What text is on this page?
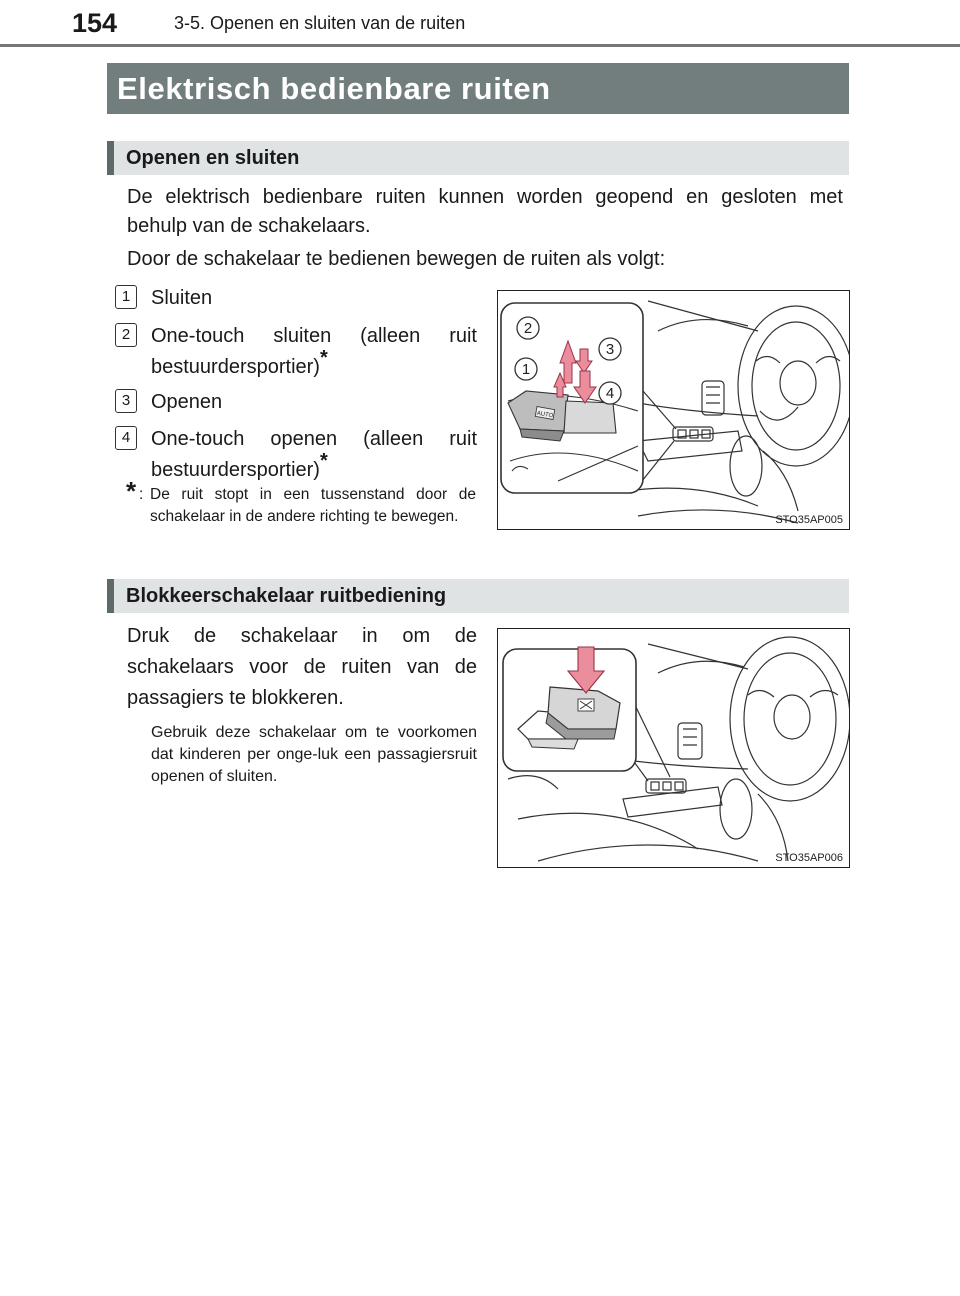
154	3-5. Openen en sluiten van de ruiten
Elektrisch bedienbare ruiten
Openen en sluiten

De elektrisch bedienbare ruiten kunnen worden geopend en gesloten met behulp van de schakelaars.

Door de schakelaar te bedienen bewegen de ruiten als volgt:

1	Sluiten
2	One-touch sluiten (alleen ruit bestuurdersportier)*
3	Openen
4	One-touch openen (alleen ruit bestuurdersportier)*
* : De ruit stopt in een tussenstand door de schakelaar in de andere richting te bewegen.
AUTO
2
1
3
4
STO35AP005
Blokkeerschakelaar ruitbediening

Druk de schakelaar in om de schakelaars voor de ruiten van de passagiers te blokkeren.

Gebruik deze schakelaar om te voorkomen dat kinderen per onge-luk een passagiersruit openen of sluiten.

STO35AP006
